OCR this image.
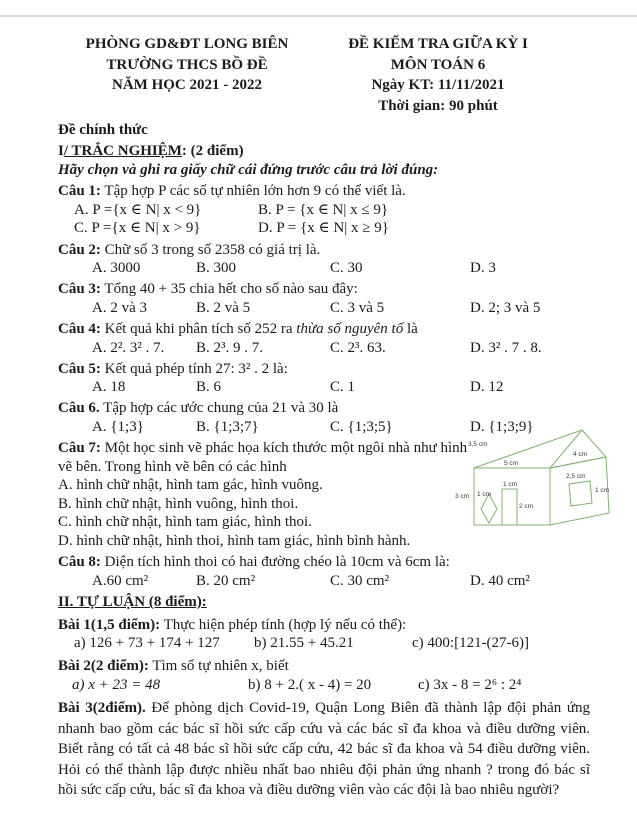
PHÒNG GD&ĐT LONG BIÊN
TRƯỜNG THCS BỒ ĐỀ
NĂM HỌC 2021 - 2022
ĐỀ KIỂM TRA GIỮA KỲ I
MÔN TOÁN 6
Ngày KT: 11/11/2021
Thời gian: 90 phút
Đề chính thức
I/ TRẮC NGHIỆM: (2 điểm)
Hãy chọn và ghi ra giấy chữ cái đứng trước câu trả lời đúng:
Câu 1: Tập hợp P các số tự nhiên lớn hơn 9 có thể viết là.
A. P ={x ∈ N| x < 9}	B. P = {x ∈ N| x ≤ 9}
C. P ={x ∈ N| x > 9}	D. P = {x ∈ N| x ≥ 9}
Câu 2: Chữ số 3 trong số 2358 có giá trị là.
A. 3000	B. 300	C. 30	D. 3
Câu 3: Tổng 40 + 35 chia hết cho số nào sau đây:
A. 2 và 3	B. 2 và 5	C. 3 và 5	D. 2; 3 và 5
Câu 4: Kết quả khi phân tích số 252 ra thừa số nguyên tố là
A. 2². 3² . 7.	B. 2³. 9 . 7.	C. 2³. 63.	D. 3² . 7 . 8.
Câu 5: Kết quả phép tính 27: 3² . 2 là:
A. 18	B. 6	C. 1	D. 12
Câu 6. Tập hợp các ước chung của 21 và 30 là
A. {1;3}	B. {1;3;7}	C. {1;3;5}	D. {1;3;9}
Câu 7: Một học sinh vẽ phác họa kích thước một ngôi nhà như hình vẽ bên. Trong hình vẽ bên có các hình
A. hình chữ nhật, hình tam gác, hình vuông.
B. hình chữ nhật, hình vuông, hình thoi.
C. hình chữ nhật, hình tam giác, hình thoi.
D. hình chữ nhật, hình thoi, hình tam giác, hình bình hành.
Câu 8: Diện tích hình thoi có hai đường chéo là 10cm và 6cm là:
A.60 cm²	B. 20 cm²	C. 30 cm²	D. 40 cm²
II. TỰ LUẬN (8 điểm):
Bài 1(1,5 điểm): Thực hiện phép tính (hợp lý nếu có thể):
a) 126 + 73 + 174 + 127	b) 21.55 + 45.21	c) 400:[121-(27-6)]
Bài 2(2 điểm): Tìm số tự nhiên x, biết
a) x + 23 = 48	b) 8 + 2.( x - 4) = 20	c) 3x - 8 = 2⁶ : 2⁴

Bài 3(2điểm). Để phòng dịch Covid-19, Quận Long Biên đã thành lập đội phản ứng nhanh bao gồm các bác sĩ hồi sức cấp cứu và các bác sĩ đa khoa và điều dưỡng viên. Biết rằng có tất cả 48 bác sĩ hồi sức cấp cứu, 42 bác sĩ đa khoa và 54 điều dưỡng viên. Hỏi có thể thành lập được nhiều nhất bao nhiêu đội phản ứng nhanh ? trong đó bác sĩ hồi sức cấp cứu, bác sĩ đa khoa và điều dưỡng viên vào các đội là bao nhiêu người?

3,5 cm
5 cm
4 cm
2,5 cm
1 cm
1 cm
2 cm
3 cm 1 cm
